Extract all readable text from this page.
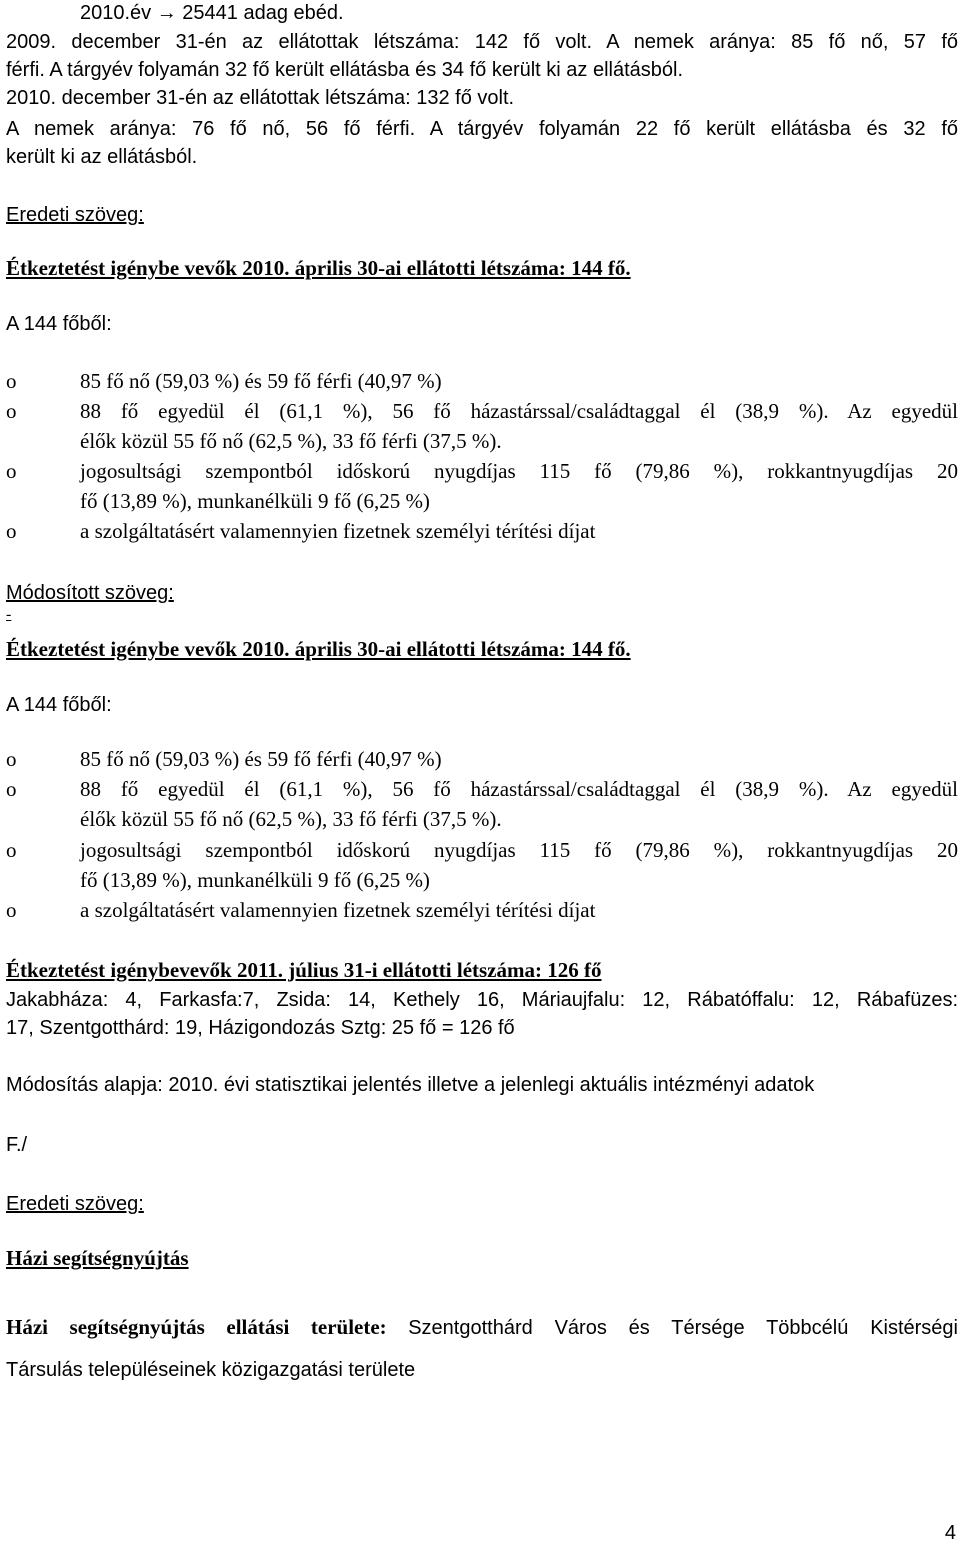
2010.év → 25441 adag ebéd.
2009. december 31-én az ellátottak létszáma: 142 fő volt. A nemek aránya: 85 fő nő, 57 fő
férfi. A tárgyév folyamán 32 fő került ellátásba és 34 fő került ki az ellátásból.
2010. december 31-én az ellátottak létszáma: 132 fő volt.
A nemek aránya: 76 fő nő, 56 fő férfi. A tárgyév folyamán 22 fő került ellátásba és 32 fő
került ki az ellátásból.
Eredeti szöveg:
Étkeztetést igénybe vevők 2010. április 30-ai ellátotti létszáma: 144 fő.
A 144 főből:
o	85 fő nő (59,03 %) és 59 fő férfi (40,97 %)
o	88 fő egyedül él (61,1 %), 56 fő házastárssal/családtaggal él (38,9 %). Az egyedül
élők közül 55 fő nő (62,5 %), 33 fő férfi (37,5 %).
o	jogosultsági szempontból időskorú nyugdíjas 115 fő (79,86 %), rokkantnyugdíjas 20
fő (13,89 %), munkanélküli 9 fő (6,25 %)
o	a szolgáltatásért valamennyien fizetnek személyi térítési díjat
Módosított szöveg:
-
Étkeztetést igénybe vevők 2010. április 30-ai ellátotti létszáma: 144 fő.
A 144 főből:
o	85 fő nő (59,03 %) és 59 fő férfi (40,97 %)
o	88 fő egyedül él (61,1 %), 56 fő házastárssal/családtaggal él (38,9 %). Az egyedül
élők közül 55 fő nő (62,5 %), 33 fő férfi (37,5 %).
o	jogosultsági szempontból időskorú nyugdíjas 115 fő (79,86 %), rokkantnyugdíjas 20
fő (13,89 %), munkanélküli 9 fő (6,25 %)
o	a szolgáltatásért valamennyien fizetnek személyi térítési díjat
Étkeztetést igénybevevők 2011. július 31-i ellátotti létszáma: 126 fő
Jakabháza: 4, Farkasfa:7, Zsida: 14, Kethely 16, Máriaujfalu: 12, Rábatóffalu: 12, Rábafüzes:
17, Szentgotthárd: 19, Házigondozás Sztg: 25 fő = 126 fő
Módosítás alapja: 2010. évi statisztikai jelentés illetve a jelenlegi aktuális intézményi adatok
F./
Eredeti szöveg:
Házi segítségnyújtás
Házi segítségnyújtás ellátási területe: Szentgotthárd Város és Térsége Többcélú Kistérségi
Társulás településeinek közigazgatási területe
4
